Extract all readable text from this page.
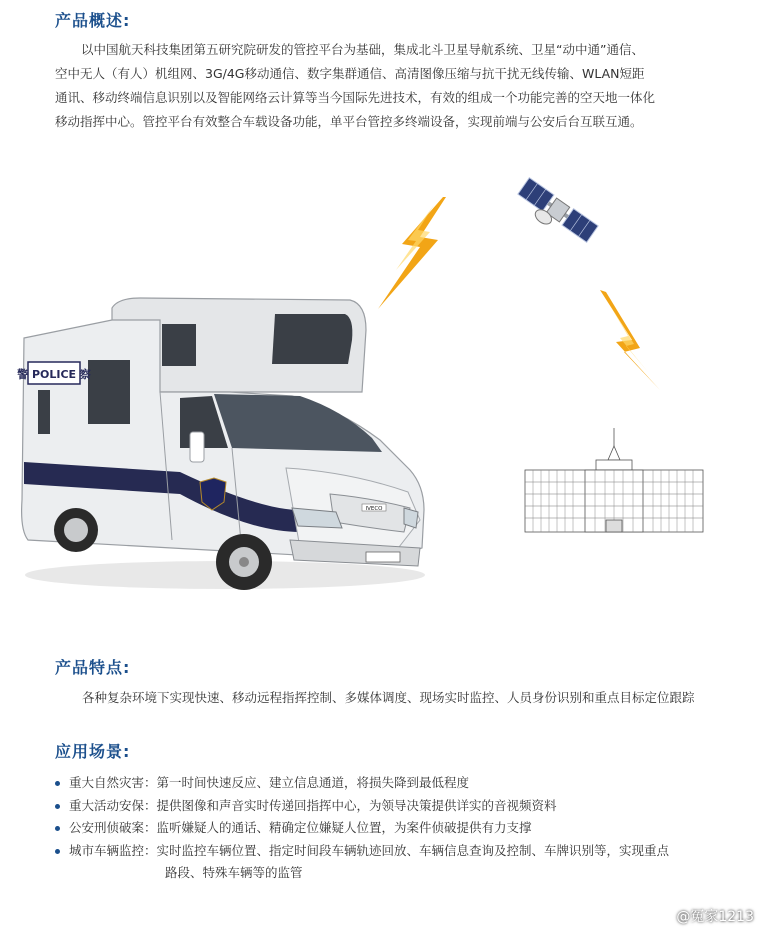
产品概述:
以中国航天科技集团第五研究院研发的管控平台为基础，集成北斗卫星导航系统、卫星“动中通”通信、
空中无人（有人）机组网、3G/4G移动通信、数字集群通信、高清图像压缩与抗干扰无线传输、WLAN短距
通讯、移动终端信息识别以及智能网络云计算等当今国际先进技术，有效的组成一个功能完善的空天地一体化
移动指挥中心。管控平台有效整合车载设备功能，单平台管控多终端设备，实现前端与公安后台互联互通。
警 POLICE 察
IVECO
产品特点:
各种复杂环境下实现快速、移动远程指挥控制、多媒体调度、现场实时监控、人员身份识别和重点目标定位跟踪
应用场景:
重大自然灾害：第一时间快速反应、建立信息通道，将损失降到最低程度
重大活动安保：提供图像和声音实时传递回指挥中心，为领导决策提供详实的音视频资料
公安刑侦破案：监听嫌疑人的通话、精确定位嫌疑人位置，为案件侦破提供有力支撑
城市车辆监控：实时监控车辆位置、指定时间段车辆轨迹回放、车辆信息查询及控制、车牌识别等，实现重点
路段、特殊车辆等的监管
@冤家1213
